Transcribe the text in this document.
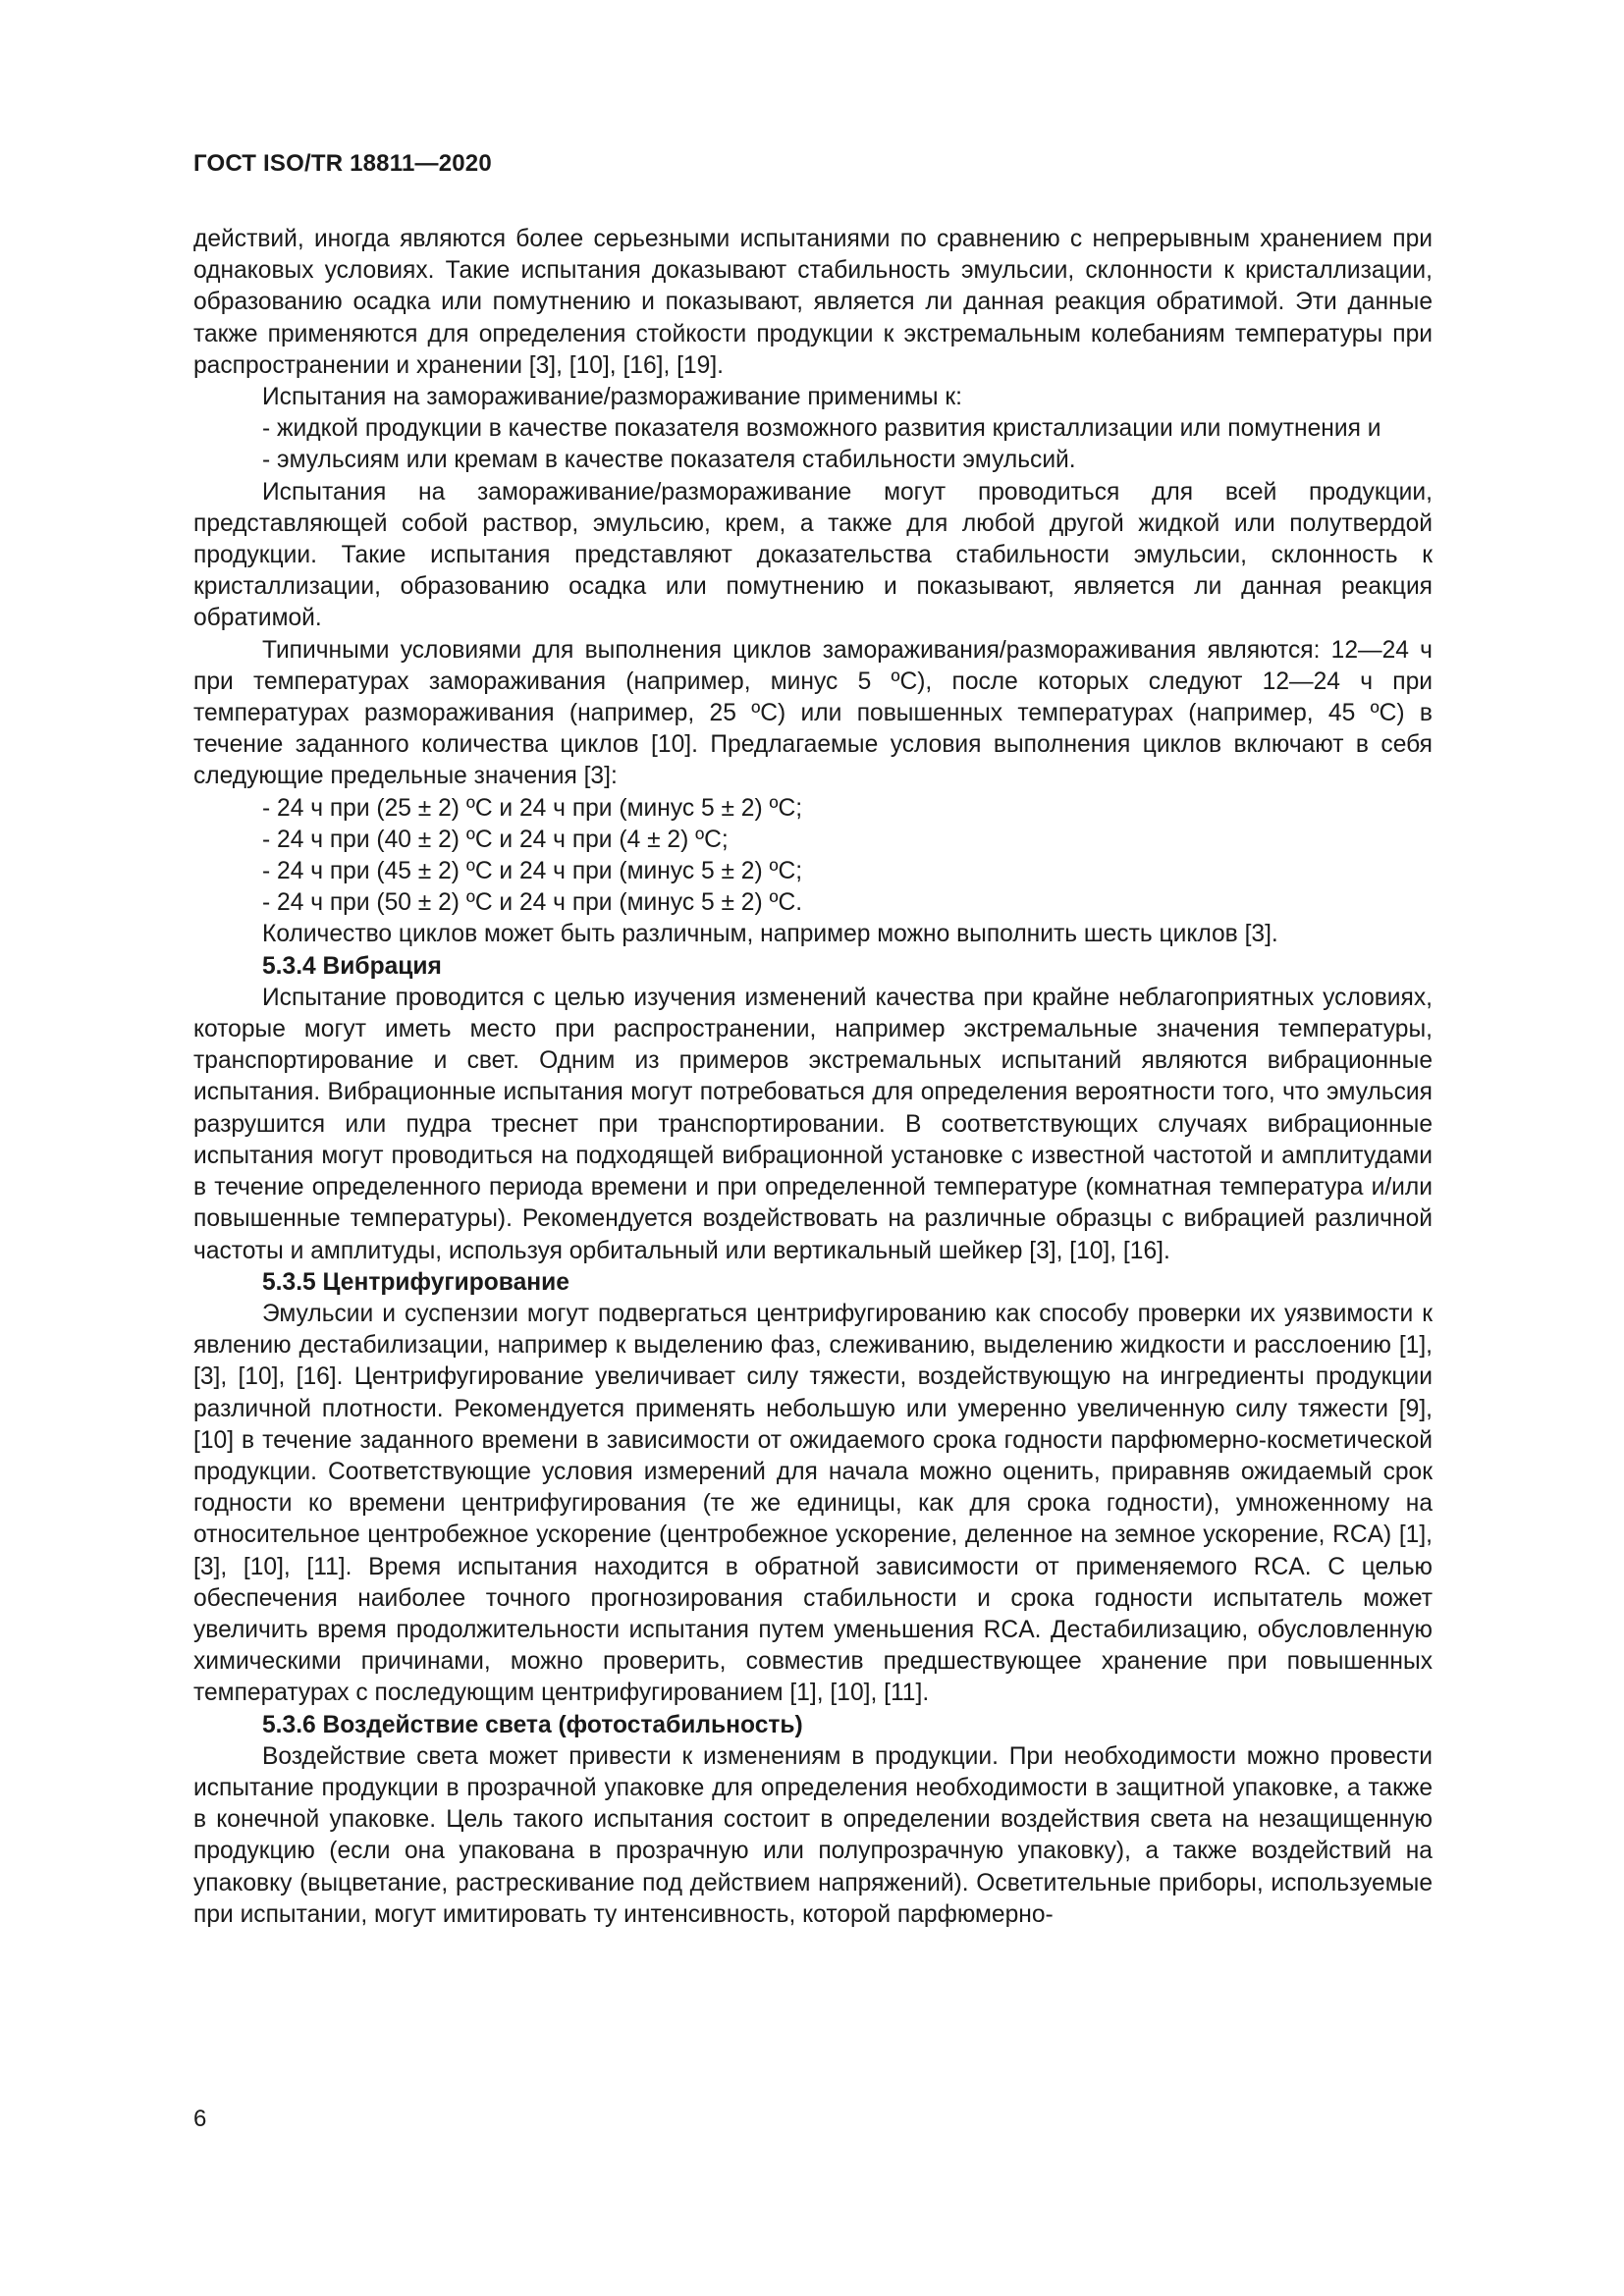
ГОСТ ISO/TR 18811—2020

действий, иногда являются более серьезными испытаниями по сравнению с непрерывным хранением при однаковых условиях. Такие испытания доказывают стабильность эмульсии, склонности к кристаллизации, образованию осадка или помутнению и показывают, является ли данная реакция обратимой. Эти данные также применяются для определения стойкости продукции к экстремальным колебаниям температуры при распространении и хранении [3], [10], [16], [19].

Испытания на замораживание/размораживание применимы к:

- жидкой продукции в качестве показателя возможного развития кристаллизации или помутнения и

- эмульсиям или кремам в качестве показателя стабильности эмульсий.

Испытания на замораживание/размораживание могут проводиться для всей продукции, представляющей собой раствор, эмульсию, крем, а также для любой другой жидкой или полутвердой продукции. Такие испытания представляют доказательства стабильности эмульсии, склонность к кристаллизации, образованию осадка или помутнению и показывают, является ли данная реакция обратимой.

Типичными условиями для выполнения циклов замораживания/размораживания являются: 12—24 ч при температурах замораживания (например, минус 5 ºС), после которых следуют 12—24 ч при температурах размораживания (например, 25 ºС) или повышенных температурах (например, 45 ºС) в течение заданного количества циклов [10]. Предлагаемые условия выполнения циклов включают в себя следующие предельные значения [3]:

- 24 ч при (25 ± 2) ºС и 24 ч при (минус 5 ± 2) ºС;

- 24 ч при (40 ± 2) ºС и 24 ч при (4 ± 2) ºС;

- 24 ч при (45 ± 2) ºС и 24 ч при (минус 5 ± 2) ºС;

- 24 ч при (50 ± 2) ºС и 24 ч при (минус 5 ± 2) ºС.

Количество циклов может быть различным, например можно выполнить шесть циклов [3].

5.3.4 Вибрация

Испытание проводится с целью изучения изменений качества при крайне неблагоприятных условиях, которые могут иметь место при распространении, например экстремальные значения температуры, транспортирование и свет. Одним из примеров экстремальных испытаний являются вибрационные испытания. Вибрационные испытания могут потребоваться для определения вероятности того, что эмульсия разрушится или пудра треснет при транспортировании. В соответствующих случаях вибрационные испытания могут проводиться на подходящей вибрационной установке с известной частотой и амплитудами в течение определенного периода времени и при определенной температуре (комнатная температура и/или повышенные температуры). Рекомендуется воздействовать на различные образцы с вибрацией различной частоты и амплитуды, используя орбитальный или вертикальный шейкер [3], [10], [16].

5.3.5 Центрифугирование

Эмульсии и суспензии могут подвергаться центрифугированию как способу проверки их уязвимости к явлению дестабилизации, например к выделению фаз, слеживанию, выделению жидкости и расслоению [1], [3], [10], [16]. Центрифугирование увеличивает силу тяжести, воздействующую на ингредиенты продукции различной плотности. Рекомендуется применять небольшую или умеренно увеличенную силу тяжести [9], [10] в течение заданного времени в зависимости от ожидаемого срока годности парфюмерно-косметической продукции. Соответствующие условия измерений для начала можно оценить, приравняв ожидаемый срок годности ко времени центрифугирования (те же единицы, как для срока годности), умноженному на относительное центробежное ускорение (центробежное ускорение, деленное на земное ускорение, RCA) [1], [3], [10], [11]. Время испытания находится в обратной зависимости от применяемого RCA. С целью обеспечения наиболее точного прогнозирования стабильности и срока годности испытатель может увеличить время продолжительности испытания путем уменьшения RCA. Дестабилизацию, обусловленную химическими причинами, можно проверить, совместив предшествующее хранение при повышенных температурах с последующим центрифугированием [1], [10], [11].

5.3.6 Воздействие света (фотостабильность)

Воздействие света может привести к изменениям в продукции. При необходимости можно провести испытание продукции в прозрачной упаковке для определения необходимости в защитной упаковке, а также в конечной упаковке. Цель такого испытания состоит в определении воздействия света на незащищенную продукцию (если она упакована в прозрачную или полупрозрачную упаковку), а также воздействий на упаковку (выцветание, растрескивание под действием напряжений). Осветительные приборы, используемые при испытании, могут имитировать ту интенсивность, которой парфюмерно-

6
